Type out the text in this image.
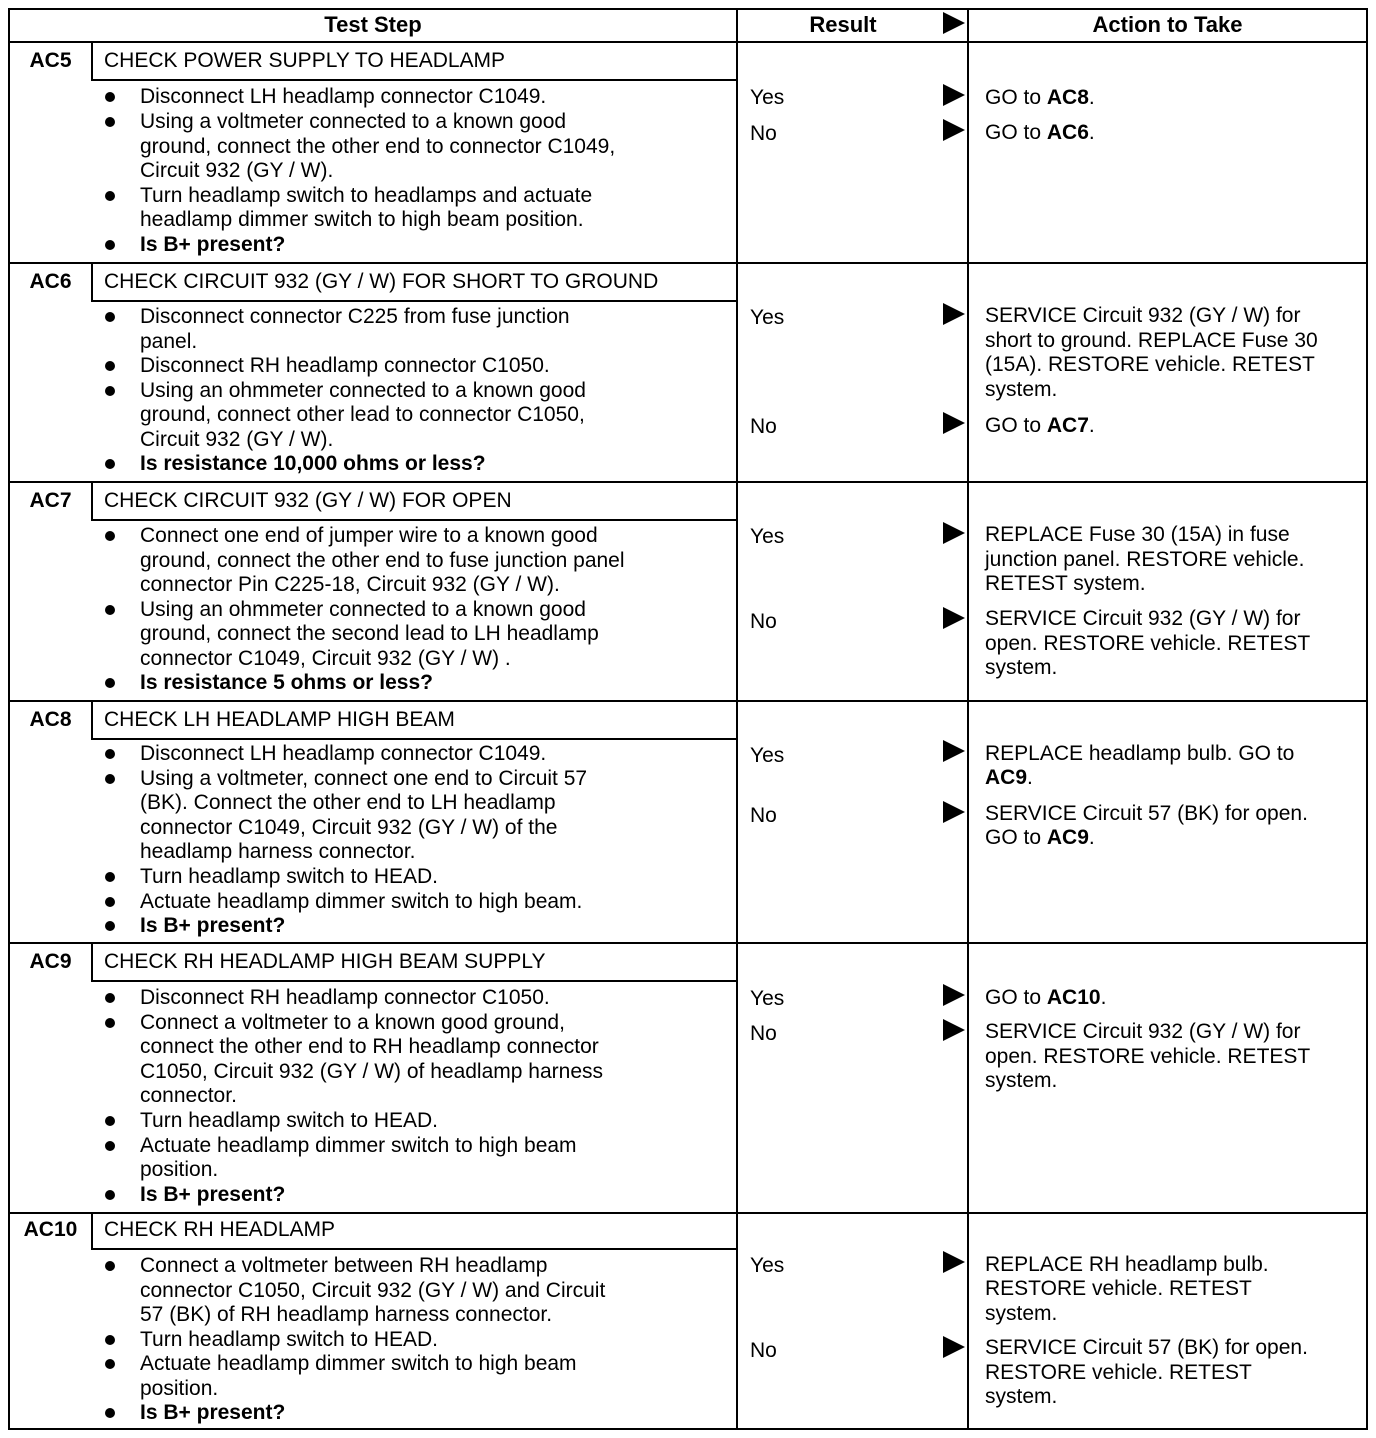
Test Step	Result	Action to Take
AC5	CHECK POWER SUPPLY TO HEADLAMP
Disconnect LH headlamp connector C1049.
Using a voltmeter connected to a known good
ground, connect the other end to connector C1049,
Circuit 932 (GY / W).
Turn headlamp switch to headlamps and actuate
headlamp dimmer switch to high beam position.
Is B+ present?
Yes	GO to AC8.
No	GO to AC6.
AC6	CHECK CIRCUIT 932 (GY / W) FOR SHORT TO GROUND
Disconnect connector C225 from fuse junction
panel.
Disconnect RH headlamp connector C1050.
Using an ohmmeter connected to a known good
ground, connect other lead to connector C1050,
Circuit 932 (GY / W).
Is resistance 10,000 ohms or less?
Yes	SERVICE Circuit 932 (GY / W) for
short to ground. REPLACE Fuse 30
(15A). RESTORE vehicle. RETEST
system.
No	GO to AC7.
AC7	CHECK CIRCUIT 932 (GY / W) FOR OPEN
Connect one end of jumper wire to a known good
ground, connect the other end to fuse junction panel
connector Pin C225-18, Circuit 932 (GY / W).
Using an ohmmeter connected to a known good
ground, connect the second lead to LH headlamp
connector C1049, Circuit 932 (GY / W) .
Is resistance 5 ohms or less?
Yes	REPLACE Fuse 30 (15A) in fuse
junction panel. RESTORE vehicle.
RETEST system.
No	SERVICE Circuit 932 (GY / W) for
open. RESTORE vehicle. RETEST
system.
AC8	CHECK LH HEADLAMP HIGH BEAM
Disconnect LH headlamp connector C1049.
Using a voltmeter, connect one end to Circuit 57
(BK). Connect the other end to LH headlamp
connector C1049, Circuit 932 (GY / W) of the
headlamp harness connector.
Turn headlamp switch to HEAD.
Actuate headlamp dimmer switch to high beam.
Is B+ present?
Yes	REPLACE headlamp bulb. GO to
AC9.
No	SERVICE Circuit 57 (BK) for open.
GO to AC9.
AC9	CHECK RH HEADLAMP HIGH BEAM SUPPLY
Disconnect RH headlamp connector C1050.
Connect a voltmeter to a known good ground,
connect the other end to RH headlamp connector
C1050, Circuit 932 (GY / W) of headlamp harness
connector.
Turn headlamp switch to HEAD.
Actuate headlamp dimmer switch to high beam
position.
Is B+ present?
Yes	GO to AC10.
No	SERVICE Circuit 932 (GY / W) for
open. RESTORE vehicle. RETEST
system.
AC10	CHECK RH HEADLAMP
Connect a voltmeter between RH headlamp
connector C1050, Circuit 932 (GY / W) and Circuit
57 (BK) of RH headlamp harness connector.
Turn headlamp switch to HEAD.
Actuate headlamp dimmer switch to high beam
position.
Is B+ present?
Yes	REPLACE RH headlamp bulb.
RESTORE vehicle. RETEST
system.
No	SERVICE Circuit 57 (BK) for open.
RESTORE vehicle. RETEST
system.
